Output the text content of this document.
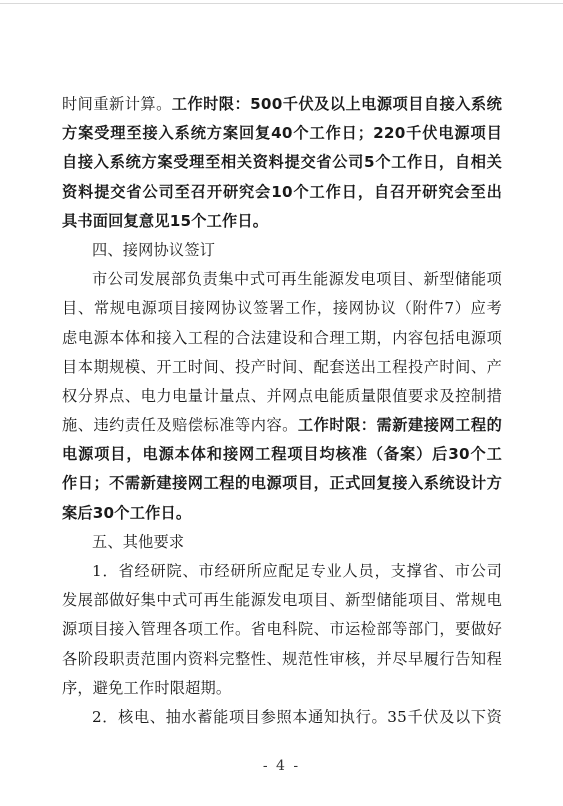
时间重新计算。工作时限：500千伏及以上电源项目自接入系统
方案受理至接入系统方案回复40个工作日；220千伏电源项目
自接入系统方案受理至相关资料提交省公司5个工作日，自相关
资料提交省公司至召开研究会10个工作日，自召开研究会至出
具书面回复意见15个工作日。
四、接网协议签订
市公司发展部负责集中式可再生能源发电项目、新型储能项
目、常规电源项目接网协议签署工作，接网协议（附件7）应考
虑电源本体和接入工程的合法建设和合理工期，内容包括电源项
目本期规模、开工时间、投产时间、配套送出工程投产时间、产
权分界点、电力电量计量点、并网点电能质量限值要求及控制措
施、违约责任及赔偿标准等内容。工作时限：需新建接网工程的
电源项目，电源本体和接网工程项目均核准（备案）后30个工
作日；不需新建接网工程的电源项目，正式回复接入系统设计方
案后30个工作日。
五、其他要求
1．省经研院、市经研所应配足专业人员，支撑省、市公司
发展部做好集中式可再生能源发电项目、新型储能项目、常规电
源项目接入管理各项工作。省电科院、市运检部等部门，要做好
各阶段职责范围内资料完整性、规范性审核，并尽早履行告知程
序，避免工作时限超期。
2．核电、抽水蓄能项目参照本通知执行。35千伏及以下资
- 4 -
